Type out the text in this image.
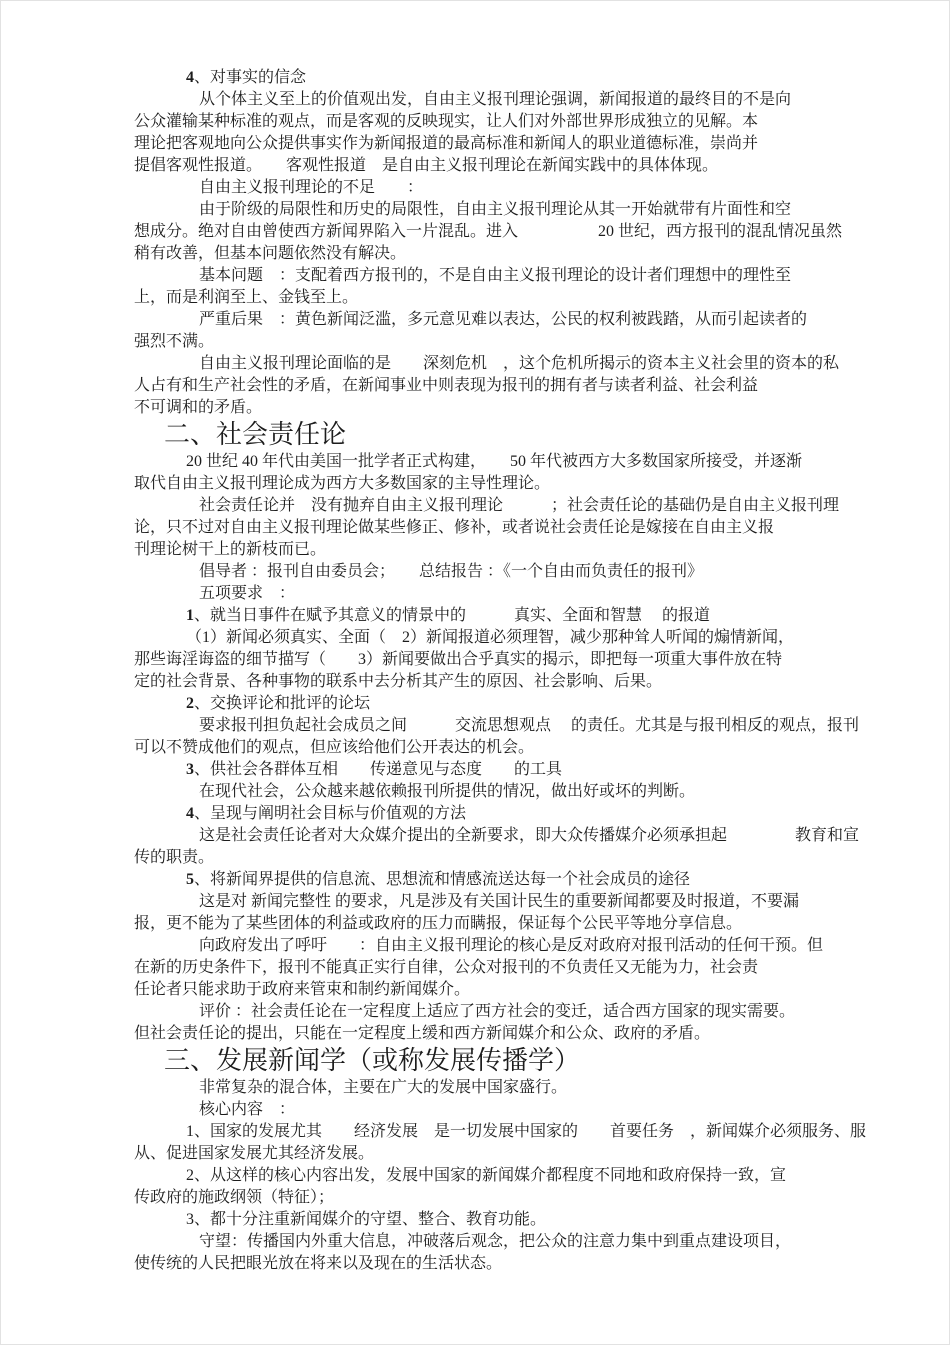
4、对事实的信念
从个体主义至上的价值观出发，自由主义报刊理论强调，新闻报道的最终目的不是向
公众灌输某种标准的观点，而是客观的反映现实，让人们对外部世界形成独立的见解。本
理论把客观地向公众提供事实作为新闻报道的最高标准和新闻人的职业道德标准，崇尚并
提倡客观性报道。　　客观性报道　是自由主义报刊理论在新闻实践中的具体体现。
自由主义报刊理论的不足　　：
由于阶级的局限性和历史的局限性，自由主义报刊理论从其一开始就带有片面性和空
想成分。绝对自由曾使西方新闻界陷入一片混乱。进入　　　　　20 世纪，西方报刊的混乱情况虽然
稍有改善，但基本问题依然没有解决。
基本问题　：支配着西方报刊的，不是自由主义报刊理论的设计者们理想中的理性至
上，而是利润至上、金钱至上。
严重后果　：黄色新闻泛滥，多元意见难以表达，公民的权利被践踏，从而引起读者的
强烈不满。
自由主义报刊理论面临的是　　深刻危机　，这个危机所揭示的资本主义社会里的资本的私
人占有和生产社会性的矛盾，在新闻事业中则表现为报刊的拥有者与读者利益、社会利益
不可调和的矛盾。
二、社会责任论
20 世纪 40 年代由美国一批学者正式构建，　　50 年代被西方大多数国家所接受，并逐渐
取代自由主义报刊理论成为西方大多数国家的主导性理论。
社会责任论并　没有抛弃自由主义报刊理论　　　；社会责任论的基础仍是自由主义报刊理
论，只不过对自由主义报刊理论做某些修正、修补，或者说社会责任论是嫁接在自由主义报
刊理论树干上的新枝而已。
倡导者 ：报刊自由委员会；　　总结报告 ：《一个自由而负责任的报刊》
五项要求　：
1、就当日事件在赋予其意义的情景中的　　　真实、全面和智慧　 的报道
（1）新闻必须真实、全面（　2）新闻报道必须理智，减少那种耸人听闻的煽情新闻，
那些诲淫诲盗的细节描写（　　3）新闻要做出合乎真实的揭示，即把每一项重大事件放在特
定的社会背景、各种事物的联系中去分析其产生的原因、社会影响、后果。
2、交换评论和批评的论坛
要求报刊担负起社会成员之间　　　交流思想观点　 的责任。尤其是与报刊相反的观点，报刊
可以不赞成他们的观点，但应该给他们公开表达的机会。
3、供社会各群体互相　　传递意见与态度　　的工具
在现代社会，公众越来越依赖报刊所提供的情况，做出好或坏的判断。
4、呈现与阐明社会目标与价值观的方法
这是社会责任论者对大众媒介提出的全新要求，即大众传播媒介必须承担起　　　　 教育和宣
传的职责。
5、将新闻界提供的信息流、思想流和情感流送达每一个社会成员的途径
这是对 新闻完整性 的要求，凡是涉及有关国计民生的重要新闻都要及时报道，不要漏
报，更不能为了某些团体的利益或政府的压力而瞒报，保证每个公民平等地分享信息。
向政府发出了呼吁　　：自由主义报刊理论的核心是反对政府对报刊活动的任何干预。但
在新的历史条件下，报刊不能真正实行自律，公众对报刊的不负责任又无能为力，社会责
任论者只能求助于政府来管束和制约新闻媒介。
评价 ：社会责任论在一定程度上适应了西方社会的变迁，适合西方国家的现实需要。
但社会责任论的提出，只能在一定程度上缓和西方新闻媒介和公众、政府的矛盾。
三、发展新闻学（或称发展传播学）
非常复杂的混合体，主要在广大的发展中国家盛行。
核心内容　：
1、国家的发展尤其　　经济发展　是一切发展中国家的　　首要任务　，新闻媒介必须服务、服
从、促进国家发展尤其经济发展。
2、从这样的核心内容出发，发展中国家的新闻媒介都程度不同地和政府保持一致，宣
传政府的施政纲领（特征）；
3、都十分注重新闻媒介的守望、整合、教育功能。
守望：传播国内外重大信息，冲破落后观念，把公众的注意力集中到重点建设项目，
使传统的人民把眼光放在将来以及现在的生活状态。
